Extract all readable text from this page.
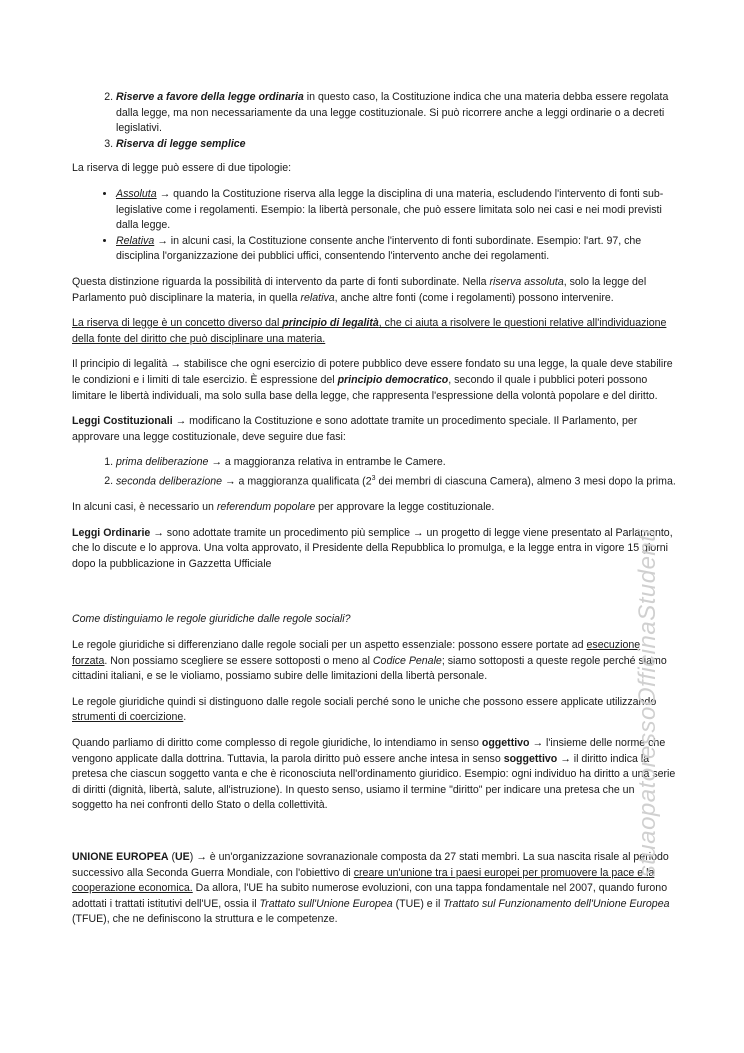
2. Riserve a favore della legge ordinaria in questo caso, la Costituzione indica che una materia debba essere regolata dalla legge, ma non necessariamente da una legge costituzionale. Si può ricorrere anche a leggi ordinarie o a decreti legislativi.
3. Riserva di legge semplice

La riserva di legge può essere di due tipologie:

• Assoluta → quando la Costituzione riserva alla legge la disciplina di una materia, escludendo l'intervento di fonti sub-legislative come i regolamenti. Esempio: la libertà personale, che può essere limitata solo nei casi e nei modi previsti dalla legge.
• Relativa → in alcuni casi, la Costituzione consente anche l'intervento di fonti subordinate. Esempio: l'art. 97, che disciplina l'organizzazione dei pubblici uffici, consentendo l'intervento anche dei regolamenti.

Questa distinzione riguarda la possibilità di intervento da parte di fonti subordinate. Nella riserva assoluta, solo la legge del Parlamento può disciplinare la materia, in quella relativa, anche altre fonti (come i regolamenti) possono intervenire.

La riserva di legge è un concetto diverso dal principio di legalità, che ci aiuta a risolvere le questioni relative all'individuazione della fonte del diritto che può disciplinare una materia.

Il principio di legalità → stabilisce che ogni esercizio di potere pubblico deve essere fondato su una legge, la quale deve stabilire le condizioni e i limiti di tale esercizio. È espressione del principio democratico, secondo il quale i pubblici poteri possono limitare le libertà individuali, ma solo sulla base della legge, che rappresenta l'espressione della volontà popolare e del diritto.

Leggi Costituzionali → modificano la Costituzione e sono adottate tramite un procedimento speciale. Il Parlamento, per approvare una legge costituzionale, deve seguire due fasi:

1. prima deliberazione → a maggioranza relativa in entrambe le Camere.
2. seconda deliberazione → a maggioranza qualificata ($2^3$ dei membri di ciascuna Camera), almeno 3 mesi dopo la prima.

In alcuni casi, è necessario un referendum popolare per approvare la legge costituzionale.

Leggi Ordinarie → sono adottate tramite un procedimento più semplice → un progetto di legge viene presentato al Parlamento, che lo discute e lo approva. Una volta approvato, il Presidente della Repubblica lo promulga, e la legge entra in vigore 15 giorni dopo la pubblicazione in Gazzetta Ufficiale

Come distinguiamo le regole giuridiche dalle regole sociali?

Le regole giuridiche si differenziano dalle regole sociali per un aspetto essenziale: possono essere portate ad esecuzione forzata. Non possiamo scegliere se essere sottoposti o meno al Codice Penale; siamo sottoposti a queste regole perché siamo cittadini italiani, e se le violiamo, possiamo subire delle limitazioni della libertà personale.

Le regole giuridiche quindi si distinguono dalle regole sociali perché sono le uniche che possono essere applicate utilizzando strumenti di coercizione.

Quando parliamo di diritto come complesso di regole giuridiche, lo intendiamo in senso oggettivo → l'insieme delle norme che vengono applicate dalla dottrina. Tuttavia, la parola diritto può essere anche intesa in senso soggettivo → il diritto indica la pretesa che ciascun soggetto vanta e che è riconosciuta nell'ordinamento giuridico. Esempio: ogni individuo ha diritto a una serie di diritti (dignità, libertà, salute, all'istruzione). In questo senso, usiamo il termine "diritto" per indicare una pretesa che un soggetto ha nei confronti dello Stato o della collettività.

UNIONE EUROPEA (UE) → è un'organizzazione sovranazionale composta da 27 stati membri. La sua nascita risale al periodo successivo alla Seconda Guerra Mondiale, con l'obiettivo di creare un'unione tra i paesi europei per promuovere la pace e la cooperazione economica. Da allora, l'UE ha subito numerose evoluzioni, con una tappa fondamentale nel 2007, quando furono adottati i trattati istitutivi dell'UE, ossia il Trattato sull'Unione Europea (TUE) e il Trattato sul Funzionamento dell'Unione Europea (TFUE), che ne definiscono la struttura e le competenze.

stuaopatoressoOfficinaStudenti
